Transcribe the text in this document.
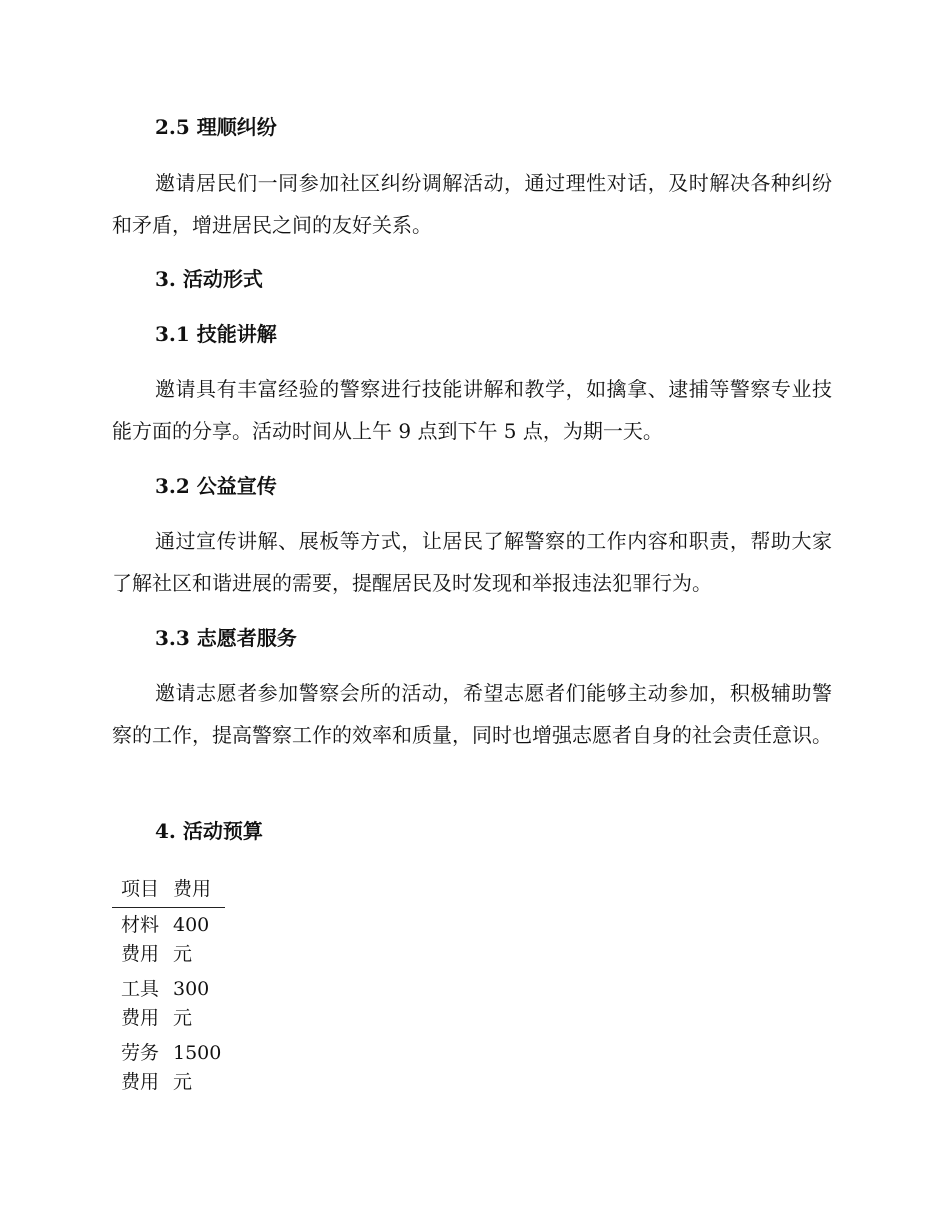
2.5 理顺纠纷
邀请居民们一同参加社区纠纷调解活动，通过理性对话，及时解决各种纠纷和矛盾，增进居民之间的友好关系。
3. 活动形式
3.1 技能讲解
邀请具有丰富经验的警察进行技能讲解和教学，如擒拿、逮捕等警察专业技能方面的分享。活动时间从上午 9 点到下午 5 点，为期一天。
3.2 公益宣传
通过宣传讲解、展板等方式，让居民了解警察的工作内容和职责，帮助大家了解社区和谐进展的需要，提醒居民及时发现和举报违法犯罪行为。
3.3 志愿者服务
邀请志愿者参加警察会所的活动，希望志愿者们能够主动参加，积极辅助警察的工作，提高警察工作的效率和质量，同时也增强志愿者自身的社会责任意识。
4. 活动预算
项目	费用
材料费用	400元
工具费用	300元
劳务费用	1500元
